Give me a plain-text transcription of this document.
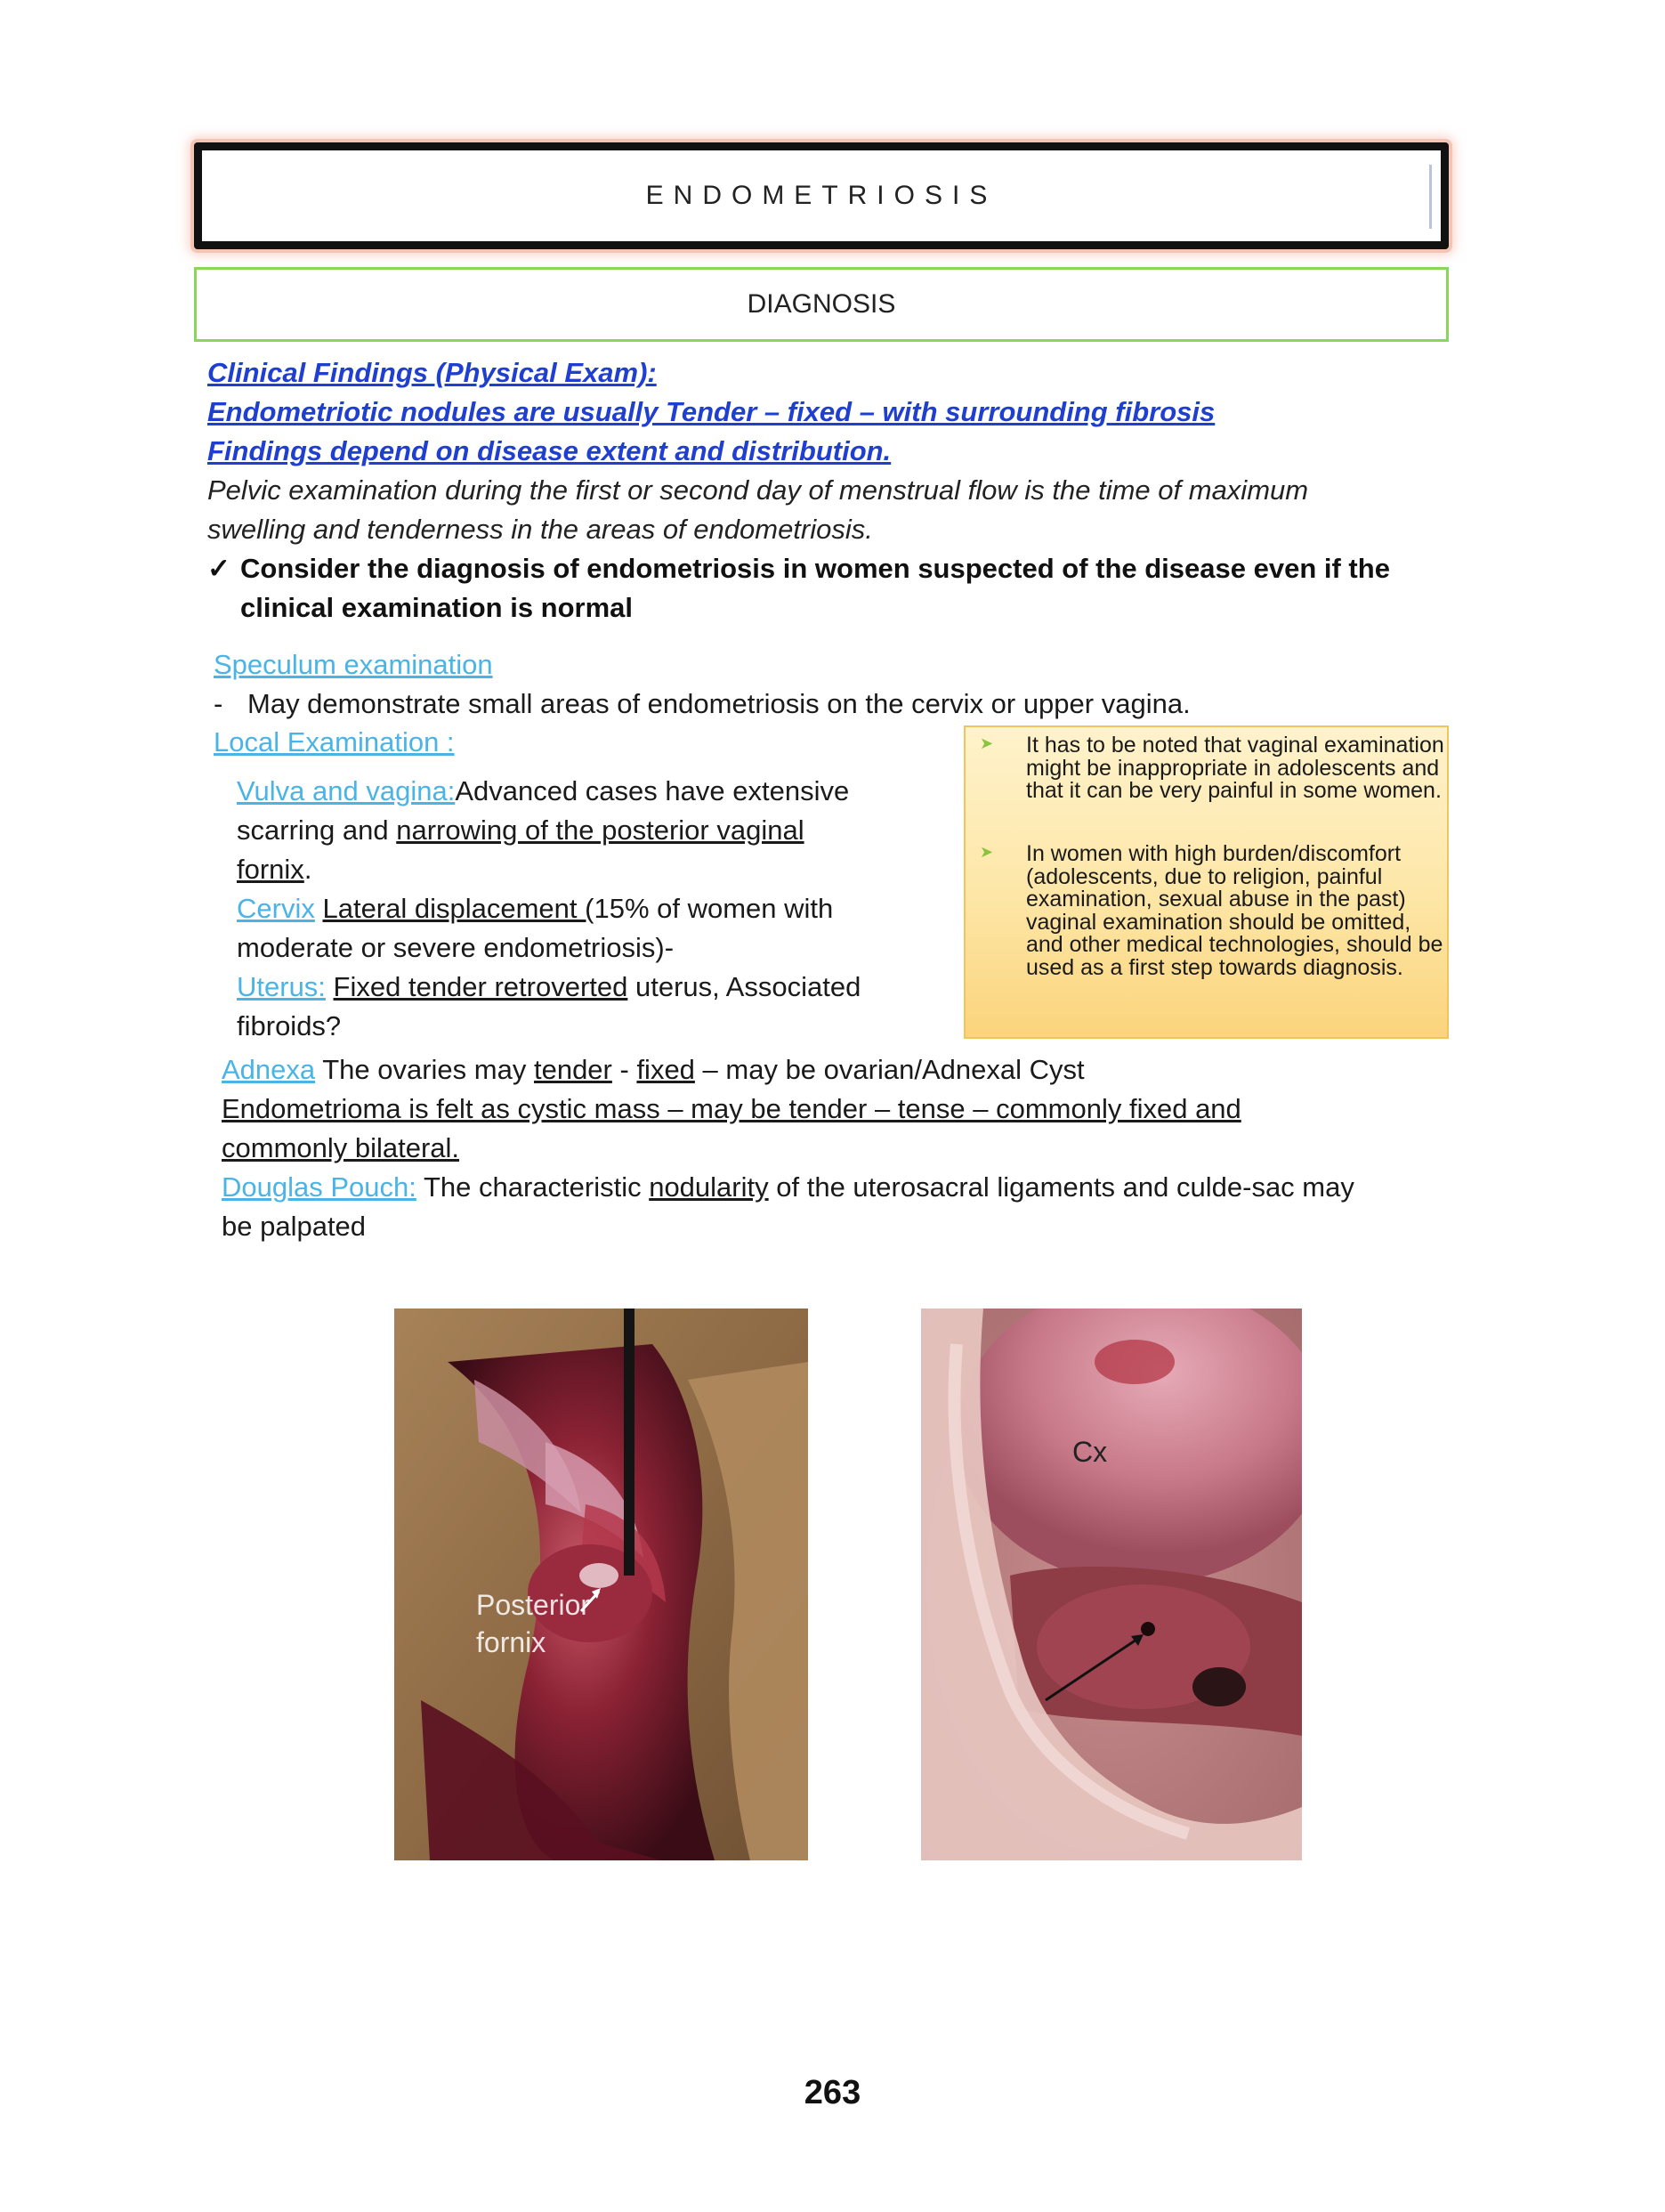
ENDOMETRIOSIS
DIAGNOSIS
Clinical Findings (Physical Exam):
Endometriotic nodules are usually Tender – fixed – with surrounding fibrosis
Findings depend on disease extent and distribution.
Pelvic examination during the first or second day of menstrual flow is the time of maximum
swelling and tenderness in the areas of endometriosis.
✓ Consider the diagnosis of endometriosis in women suspected of the disease even if the
clinical examination is normal
Speculum examination
- May demonstrate small areas of endometriosis on the cervix or upper vagina.
Local Examination :
Vulva and vagina:Advanced cases have extensive
scarring and narrowing of the posterior vaginal
fornix.
Cervix Lateral displacement (15% of women with
moderate or severe endometriosis)-
Uterus: Fixed tender retroverted uterus, Associated
fibroids?
➤ It has to be noted that vaginal examination might be inappropriate in adolescents and that it can be very painful in some women.
➤ In women with high burden/discomfort (adolescents, due to religion, painful examination, sexual abuse in the past) vaginal examination should be omitted, and other medical technologies, should be used as a first step towards diagnosis.
Adnexa The ovaries may tender - fixed – may be ovarian/Adnexal Cyst
Endometrioma is felt as cystic mass – may be tender – tense – commonly fixed and
commonly bilateral.
Douglas Pouch: The characteristic nodularity of the uterosacral ligaments and culde-sac may
be palpated
Posterior
fornix
Cx
263
